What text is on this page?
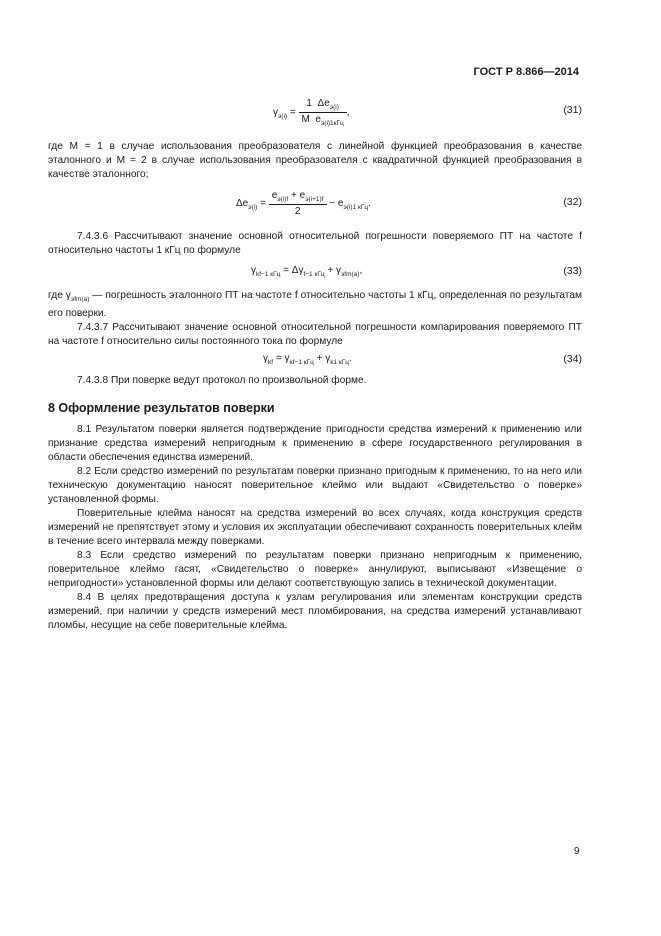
ГОСТ Р 8.866—2014
$\gamma_{э(i)} = \frac{1 \Delta e_{э(i)}}{M e_{э(i)1кГц}}$ ,	(31)

где M = 1 в случае использования преобразователя с линейной функцией преобразования в качестве эталонного и M = 2 в случае использования преобразователя с квадратичной функцией преобразования в качестве эталонного;

$\Delta e_{э(i)} = \frac{e_{э(i)f} + e_{э(i+1)f}}{2} - e_{э(i)1 кГц}$.	(32)

7.4.3.6 Рассчитывают значение основной относительной погрешности поверяемого ПТ на частоте f относительно частоты 1 кГц по формуле

$\gamma_{kf-1 кГц} = \Delta\gamma_{f-1 кГц} + \gamma_{эfm(a)}$,	(33)

где $\gamma_{эfm(a)}$ — погрешность эталонного ПТ на частоте f относительно частоты 1 кГц, определенная по результатам его поверки.

7.4.3.7 Рассчитывают значение основной относительной погрешности компарирования поверяемого ПТ на частоте f относительно силы постоянного тока по формуле

$\gamma_{kf} = \gamma_{kf-1 кГц} + \gamma_{k1 кГц}$.	(34)

7.4.3.8 При поверке ведут протокол по произвольной форме.

8 Оформление результатов поверки

8.1 Результатом поверки является подтверждение пригодности средства измерений к применению или признание средства измерений непригодным к применению в сфере государственного регулирования в области обеспечения единства измерений.

8.2 Если средство измерений по результатам поверки признано пригодным к применению, то на него или техническую документацию наносят поверительное клеймо или выдают «Свидетельство о поверке» установленной формы.

Поверительные клейма наносят на средства измерений во всех случаях, когда конструкция средств измерений не препятствует этому и условия их эксплуатации обеспечивают сохранность поверительных клейм в течение всего интервала между поверками.

8.3 Если средство измерений по результатам поверки признано непригодным к применению, поверительное клеймо гасят, «Свидетельство о поверке» аннулируют, выписывают «Извещение о непригодности» установленной формы или делают соответствующую запись в технической документации.

8.4 В целях предотвращения доступа к узлам регулирования или элементам конструкции средств измерений, при наличии у средств измерений мест пломбирования, на средства измерений устанавливают пломбы, несущие на себе поверительные клейма.

9
